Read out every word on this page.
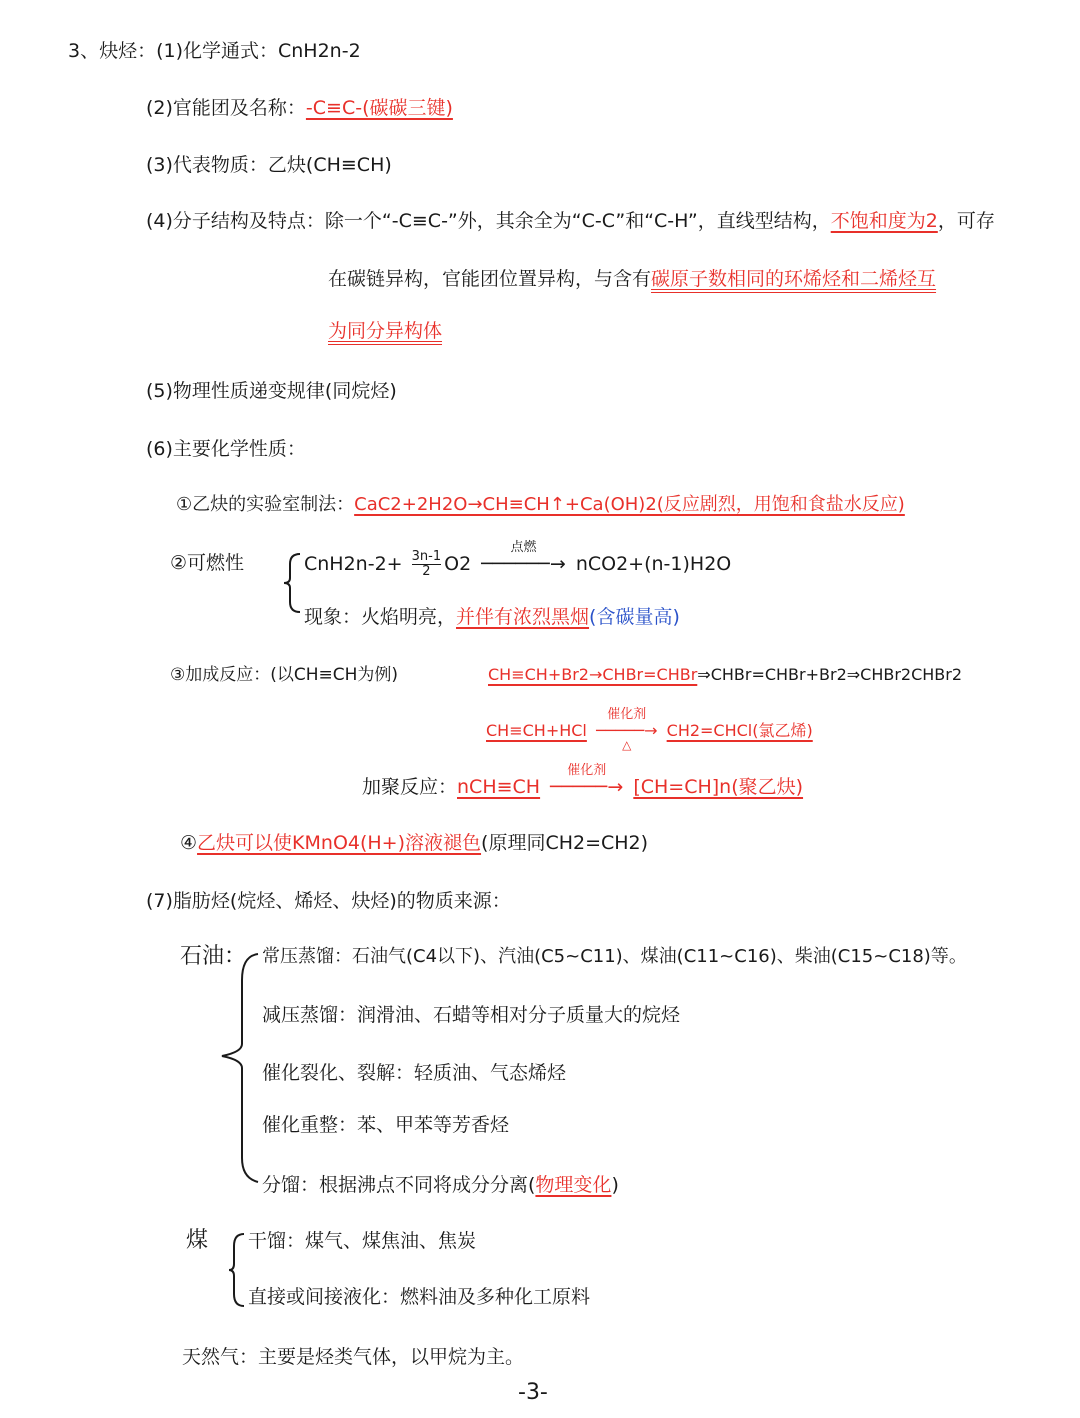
3、炔烃：(1)化学通式：CnH2n-2
(2)官能团及名称：-C≡C-(碳碳三键)
(3)代表物质：乙炔(CH≡CH)
(4)分子结构及特点：除一个“-C≡C-”外，其余全为“C-C”和“C-H”，直线型结构，不饱和度为2，可存
在碳链异构，官能团位置异构，与含有碳原子数相同的环烯烃和二烯烃互
为同分异构体
(5)物理性质递变规律(同烷烃)
(6)主要化学性质：
①乙炔的实验室制法：CaC2+2H2O→CH≡CH↑+Ca(OH)2(反应剧烈，用饱和食盐水反应)
②可燃性	$CnH2n-2+ \frac{3n-1}{2} O2$
点燃
──────→ nCO2+(n-1)H2O
现象：火焰明亮，并伴有浓烈黑烟(含碳量高)
③加成反应：(以CH≡CH为例)	CH≡CH+Br2→CHBr=CHBr⇒CHBr=CHBr+Br2⇒CHBr2CHBr2
CH≡CH+HCl
催化剂
─────→
△
CH2=CHCl(氯乙烯)
加聚反应：nCH≡CH
催化剂
─────→ [CH=CH]n(聚乙炔)
④乙炔可以使KMnO4(H+)溶液褪色(原理同CH2=CH2)
(7)脂肪烃(烷烃、烯烃、炔烃)的物质来源：
石油： 常压蒸馏：石油气(C4以下)、汽油(C5~C11)、煤油(C11~C16)、柴油(C15~C18)等。
减压蒸馏：润滑油、石蜡等相对分子质量大的烷烃
催化裂化、裂解：轻质油、气态烯烃
催化重整：苯、甲苯等芳香烃
分馏：根据沸点不同将成分分离(物理变化)
煤 干馏：煤气、煤焦油、焦炭
直接或间接液化：燃料油及多种化工原料
天然气：主要是烃类气体，以甲烷为主。
-3-
